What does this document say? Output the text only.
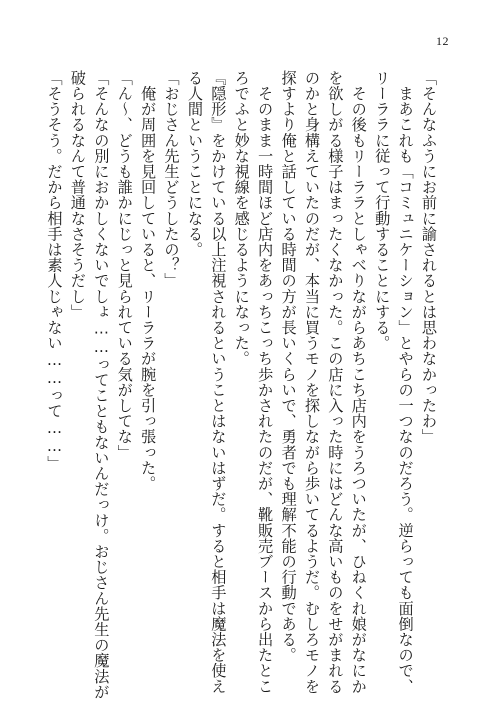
12
「そんなふうにお前に諭されるとは思わなかったわ」
　まあこれも「コミュニケーション」とやらの一つなのだろう。逆らっても面倒なので、
リーララに従って行動することにする。
　その後もリーララとしゃべりながらあちこち店内をうろついたが、ひねくれ娘がなにか
を欲しがる様子はまったくなかった。この店に入った時にはどんな高いものをせがまれる
のかと身構えていたのだが、本当に買うモノを探しながら歩いてるようだ。むしろモノを
探すより俺と話している時間の方が長いくらいで、勇者でも理解不能の行動である。
　そのまま一時間ほど店内をあっちこっち歩かされたのだが、靴販売ブースから出たとこ
ろでふと妙な視線を感じるようになった。
『隠形』をかけている以上注視されるということはないはずだ。すると相手は魔法を使え
る人間ということになる。
「おじさん先生どうしたの？」
　俺が周囲を見回していると、リーララが腕を引っ張った。
「ん～、どうも誰かにじっと見られている気がしてな」
「そんなの別におかしくないでしょ……ってこともないんだっけ。おじさん先生の魔法が
破られるなんて普通なさそうだし」
「そうそう。だから相手は素人じゃない……って……」
